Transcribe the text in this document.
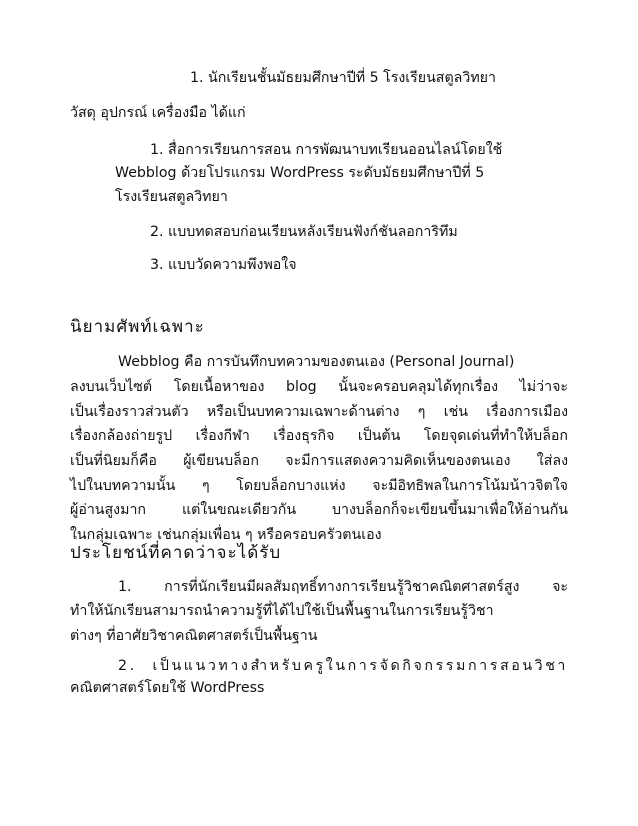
1. นักเรียนชั้นมัธยมศึกษาปีที่ 5 โรงเรียนสตูลวิทยา
วัสดุ อุปกรณ์ เครื่องมือ ได้แก่
1. สื่อการเรียนการสอน การพัฒนาบทเรียนออนไลน์โดยใช้
Webblog ด้วยโปรแกรม WordPress ระดับมัธยมศึกษาปีที่ 5
โรงเรียนสตูลวิทยา
2. แบบทดสอบก่อนเรียนหลังเรียนฟังก์ชันลอการิทึม
3. แบบวัดความพึงพอใจ
นิยามศัพท์เฉพาะ
Webblog คือ การบันทึกบทความของตนเอง (Personal Journal)
ลงบนเว็บไซต์ โดยเนื้อหาของ blog นั้นจะครอบคลุมได้ทุกเรื่อง ไม่ว่าจะ
เป็นเรื่องราวส่วนตัว หรือเป็นบทความเฉพาะด้านต่าง ๆ เช่น เรื่องการเมือง
เรื่องกล้องถ่ายรูป เรื่องกีฬา เรื่องธุรกิจ เป็นต้น โดยจุดเด่นที่ทำให้บล็อก
เป็นที่นิยมก็คือ ผู้เขียนบล็อก จะมีการแสดงความคิดเห็นของตนเอง ใส่ลง
ไปในบทความนั้น ๆ โดยบล็อกบางแห่ง จะมีอิทธิพลในการโน้มน้าวจิตใจ
ผู้อ่านสูงมาก แต่ในขณะเดียวกัน บางบล็อกก็จะเขียนขึ้นมาเพื่อให้อ่านกัน
ในกลุ่มเฉพาะ เช่นกลุ่มเพื่อน ๆ หรือครอบครัวตนเอง
ประโยชน์ที่คาดว่าจะได้รับ
1. การที่นักเรียนมีผลสัมฤทธิ์ทางการเรียนรู้วิชาคณิตศาสตร์สูง จะ
ทำให้นักเรียนสามารถนำความรู้ที่ได้ไปใช้เป็นพื้นฐานในการเรียนรู้วิชา
ต่างๆ ที่อาศัยวิชาคณิตศาสตร์เป็นพื้นฐาน
2. เป็นแนวทางสำหรับครูในการจัดกิจกรรมการสอนวิชา
คณิตศาสตร์โดยใช้ WordPress
